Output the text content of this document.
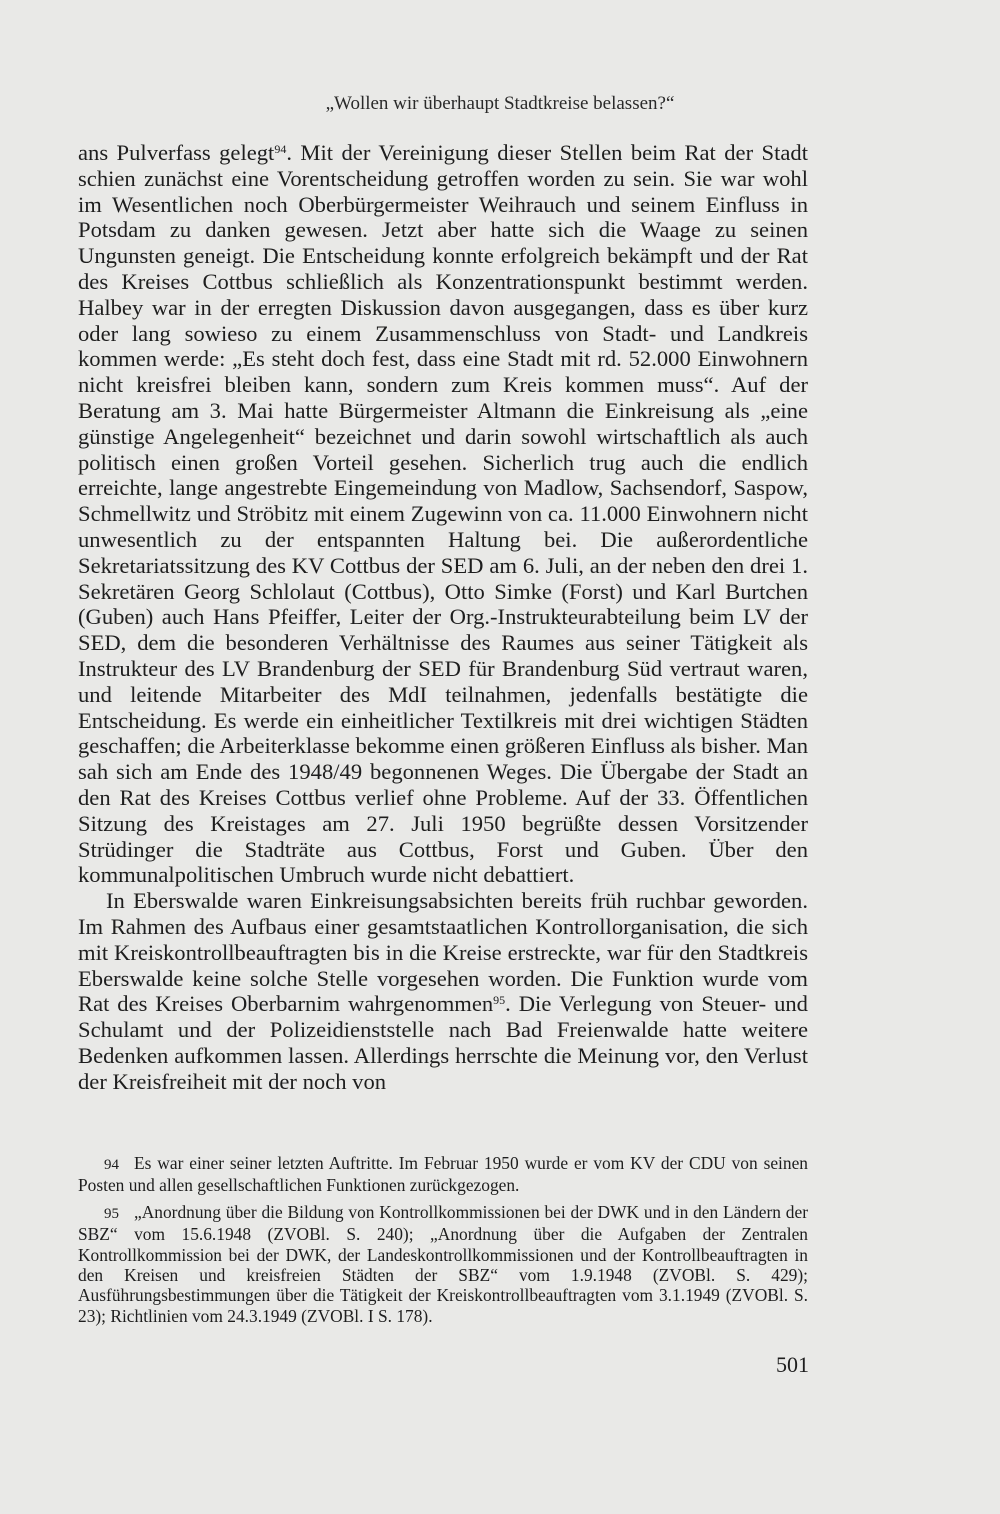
„Wollen wir überhaupt Stadtkreise belassen?“

ans Pulverfass gelegt$^{94}$. Mit der Vereinigung dieser Stellen beim Rat der Stadt schien zunächst eine Vorentscheidung getroffen worden zu sein. Sie war wohl im Wesentlichen noch Oberbürgermeister Weihrauch und seinem Einfluss in Potsdam zu danken gewesen. Jetzt aber hatte sich die Waage zu seinen Ungunsten geneigt. Die Entscheidung konnte erfolgreich bekämpft und der Rat des Kreises Cottbus schließlich als Konzentrationspunkt bestimmt werden. Halbey war in der erregten Diskussion davon ausgegangen, dass es über kurz oder lang sowieso zu einem Zusammenschluss von Stadt- und Landkreis kommen werde: „Es steht doch fest, dass eine Stadt mit rd. 52.000 Einwohnern nicht kreisfrei bleiben kann, sondern zum Kreis kommen muss“. Auf der Beratung am 3. Mai hatte Bürgermeister Altmann die Einkreisung als „eine günstige Angelegenheit“ bezeichnet und darin sowohl wirtschaftlich als auch politisch einen großen Vorteil gesehen. Sicherlich trug auch die endlich erreichte, lange angestrebte Eingemeindung von Madlow, Sachsendorf, Saspow, Schmellwitz und Ströbitz mit einem Zugewinn von ca. 11.000 Einwohnern nicht unwesentlich zu der entspannten Haltung bei. Die außerordentliche Sekretariatssitzung des KV Cottbus der SED am 6. Juli, an der neben den drei 1. Sekretären Georg Schlolaut (Cottbus), Otto Simke (Forst) und Karl Burtchen (Guben) auch Hans Pfeiffer, Leiter der Org.-Instrukteurabteilung beim LV der SED, dem die besonderen Verhältnisse des Raumes aus seiner Tätigkeit als Instrukteur des LV Brandenburg der SED für Brandenburg Süd vertraut waren, und leitende Mitarbeiter des MdI teilnahmen, jedenfalls bestätigte die Entscheidung. Es werde ein einheitlicher Textilkreis mit drei wichtigen Städten geschaffen; die Arbeiterklasse bekomme einen größeren Einfluss als bisher. Man sah sich am Ende des 1948/49 begonnenen Weges. Die Übergabe der Stadt an den Rat des Kreises Cottbus verlief ohne Probleme. Auf der 33. Öffentlichen Sitzung des Kreistages am 27. Juli 1950 begrüßte dessen Vorsitzender Strüdinger die Stadträte aus Cottbus, Forst und Guben. Über den kommunalpolitischen Umbruch wurde nicht debattiert.

In Eberswalde waren Einkreisungsabsichten bereits früh ruchbar geworden. Im Rahmen des Aufbaus einer gesamtstaatlichen Kontrollorganisation, die sich mit Kreiskontrollbeauftragten bis in die Kreise erstreckte, war für den Stadtkreis Eberswalde keine solche Stelle vorgesehen worden. Die Funktion wurde vom Rat des Kreises Oberbarnim wahrgenommen$^{95}$. Die Verlegung von Steuer- und Schulamt und der Polizeidienststelle nach Bad Freienwalde hatte weitere Bedenken aufkommen lassen. Allerdings herrschte die Meinung vor, den Verlust der Kreisfreiheit mit der noch von

94 Es war einer seiner letzten Auftritte. Im Februar 1950 wurde er vom KV der CDU von seinen Posten und allen gesellschaftlichen Funktionen zurückgezogen.

95 „Anordnung über die Bildung von Kontrollkommissionen bei der DWK und in den Ländern der SBZ“ vom 15.6.1948 (ZVOBl. S. 240); „Anordnung über die Aufgaben der Zentralen Kontrollkommission bei der DWK, der Landeskontrollkommissionen und der Kontrollbeauftragten in den Kreisen und kreisfreien Städten der SBZ“ vom 1.9.1948 (ZVOBl. S. 429); Ausführungsbestimmungen über die Tätigkeit der Kreiskontrollbeauftragten vom 3.1.1949 (ZVOBl. S. 23); Richtlinien vom 24.3.1949 (ZVOBl. I S. 178).

501
